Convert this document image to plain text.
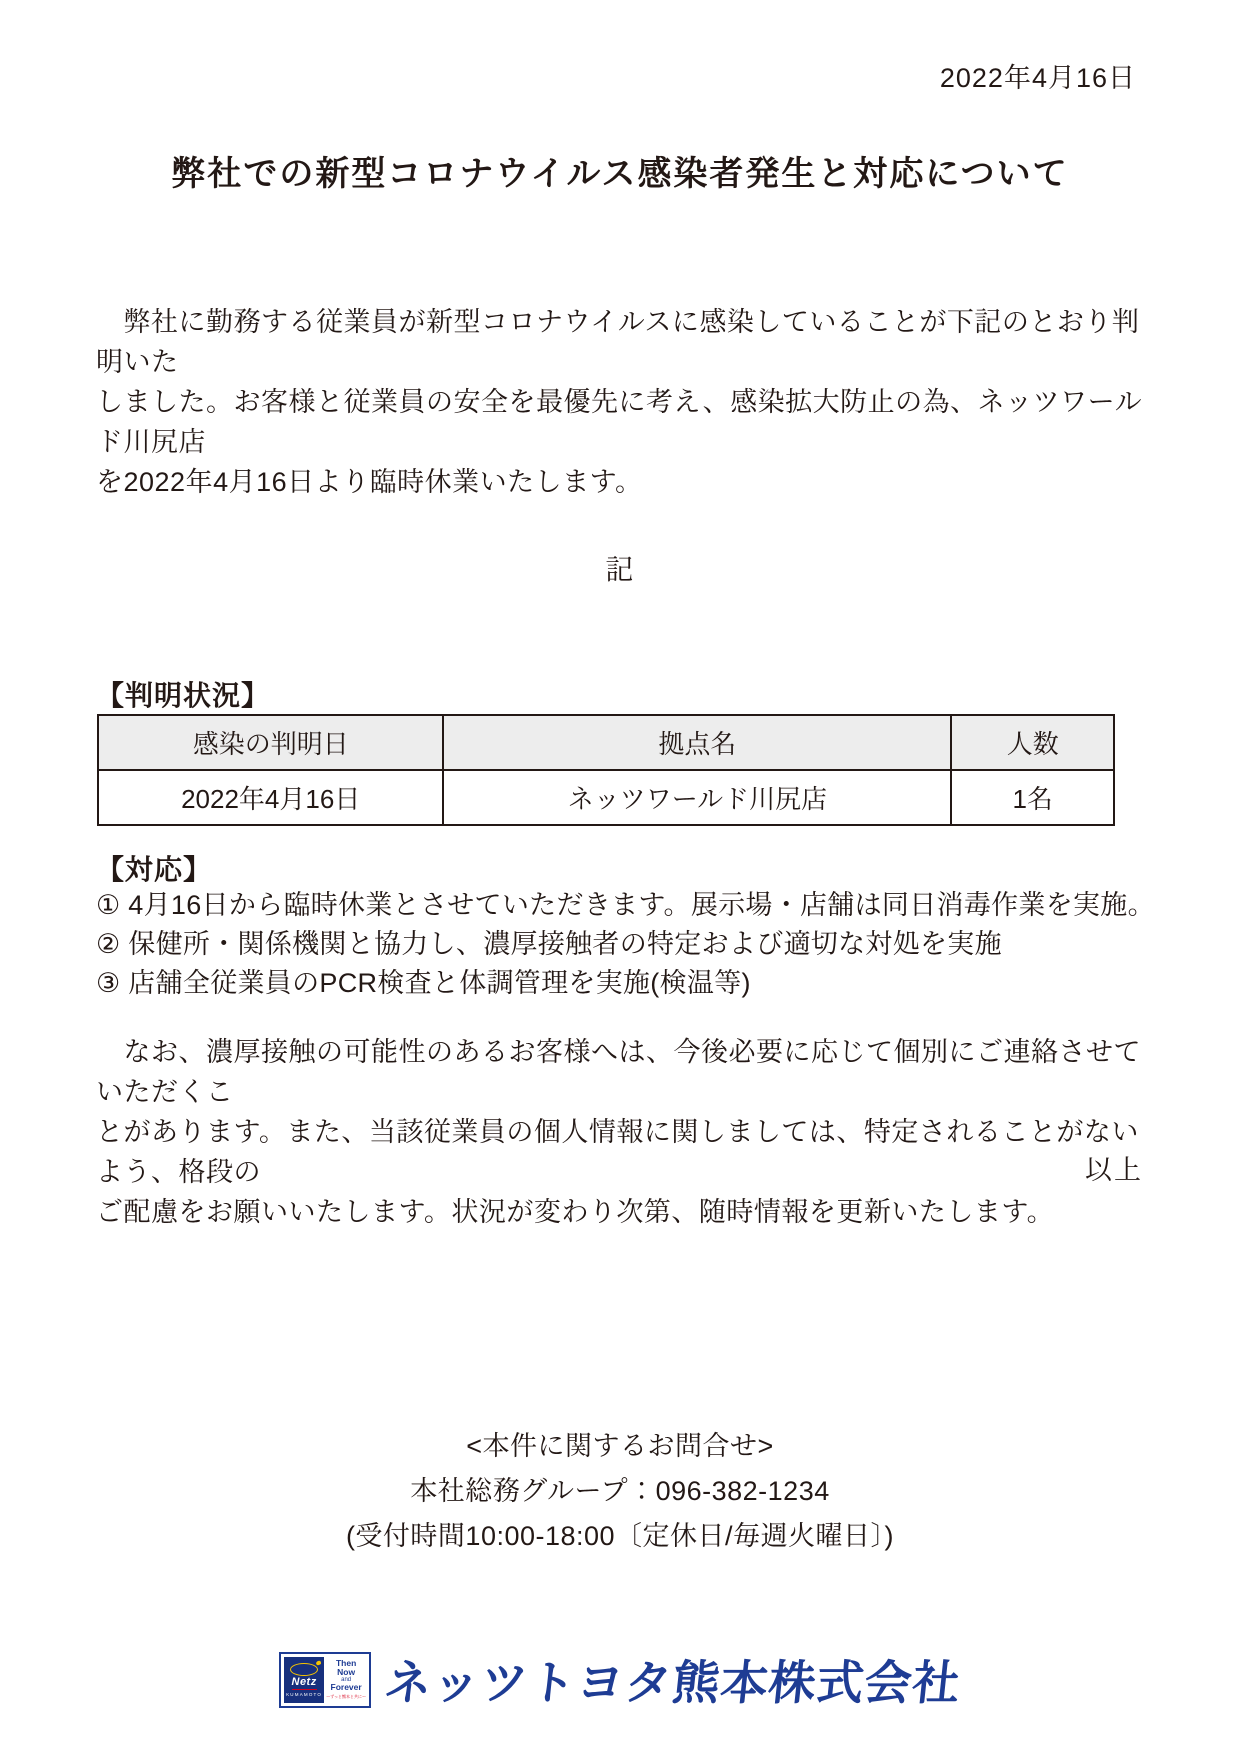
2022年4月16日
弊社での新型コロナウイルス感染者発生と対応について
　弊社に勤務する従業員が新型コロナウイルスに感染していることが下記のとおり判明いた
しました。お客様と従業員の安全を最優先に考え、感染拡大防止の為、ネッツワールド川尻店
を2022年4月16日より臨時休業いたします。
記
【判明状況】
感染の判明日	拠点名	人数
2022年4月16日	ネッツワールド川尻店	1名
【対応】
① 4月16日から臨時休業とさせていただきます。展示場・店舗は同日消毒作業を実施。
② 保健所・関係機関と協力し、濃厚接触者の特定および適切な対処を実施
③ 店舗全従業員のPCR検査と体調管理を実施(検温等)
　なお、濃厚接触の可能性のあるお客様へは、今後必要に応じて個別にご連絡させていただくこ
とがあります。また、当該従業員の個人情報に関しましては、特定されることがないよう、格段の
ご配慮をお願いいたします。状況が変わり次第、随時情報を更新いたします。
以上
<本件に関するお問合せ>
本社総務グループ：096-382-1234
(受付時間10:00-18:00〔定休日/毎週火曜日〕)
Netz
KUMAMOTO
Then
Now
and
Forever
～ずっと熊本と共に～ ネッツトヨタ熊本株式会社
